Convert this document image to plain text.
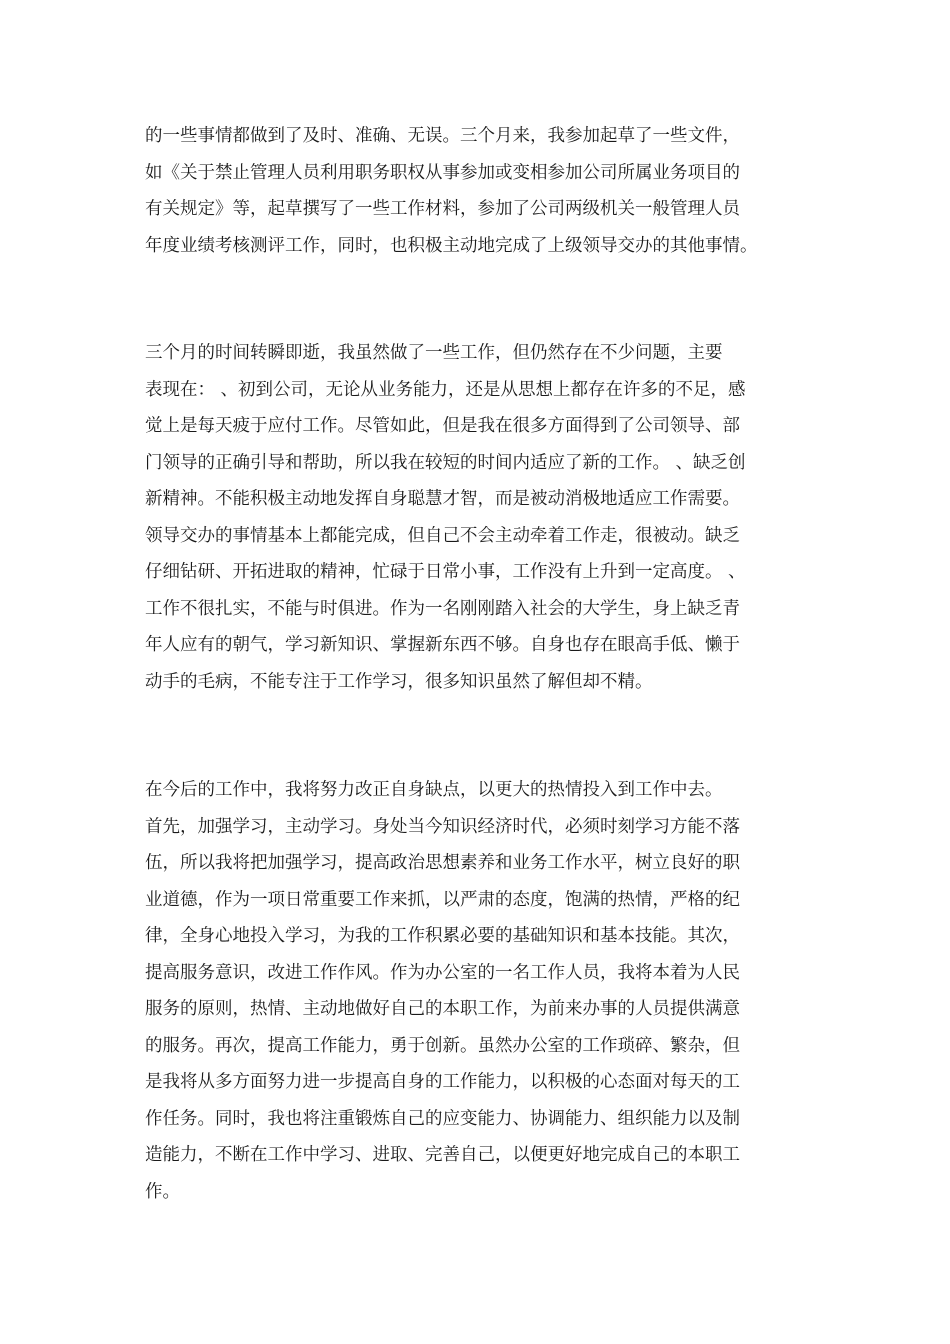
的一些事情都做到了及时、准确、无误。三个月来，我参加起草了一些文件，
如《关于禁止管理人员利用职务职权从事参加或变相参加公司所属业务项目的
有关规定》等，起草撰写了一些工作材料，参加了公司两级机关一般管理人员
年度业绩考核测评工作，同时，也积极主动地完成了上级领导交办的其他事情。
三个月的时间转瞬即逝，我虽然做了一些工作，但仍然存在不少问题，主要
表现在： 、初到公司，无论从业务能力，还是从思想上都存在许多的不足，感
觉上是每天疲于应付工作。尽管如此，但是我在很多方面得到了公司领导、部
门领导的正确引导和帮助，所以我在较短的时间内适应了新的工作。 、缺乏创
新精神。不能积极主动地发挥自身聪慧才智，而是被动消极地适应工作需要。
领导交办的事情基本上都能完成，但自己不会主动牵着工作走，很被动。缺乏
仔细钻研、开拓进取的精神，忙碌于日常小事，工作没有上升到一定高度。 、
工作不很扎实，不能与时俱进。作为一名刚刚踏入社会的大学生，身上缺乏青
年人应有的朝气，学习新知识、掌握新东西不够。自身也存在眼高手低、懒于
动手的毛病，不能专注于工作学习，很多知识虽然了解但却不精。
在今后的工作中，我将努力改正自身缺点，以更大的热情投入到工作中去。
首先，加强学习，主动学习。身处当今知识经济时代，必须时刻学习方能不落
伍，所以我将把加强学习，提高政治思想素养和业务工作水平，树立良好的职
业道德，作为一项日常重要工作来抓，以严肃的态度，饱满的热情，严格的纪
律，全身心地投入学习，为我的工作积累必要的基础知识和基本技能。其次，
提高服务意识，改进工作作风。作为办公室的一名工作人员，我将本着为人民
服务的原则，热情、主动地做好自己的本职工作，为前来办事的人员提供满意
的服务。再次，提高工作能力，勇于创新。虽然办公室的工作琐碎、繁杂，但
是我将从多方面努力进一步提高自身的工作能力，以积极的心态面对每天的工
作任务。同时，我也将注重锻炼自己的应变能力、协调能力、组织能力以及制
造能力，不断在工作中学习、进取、完善自己，以便更好地完成自己的本职工
作。
